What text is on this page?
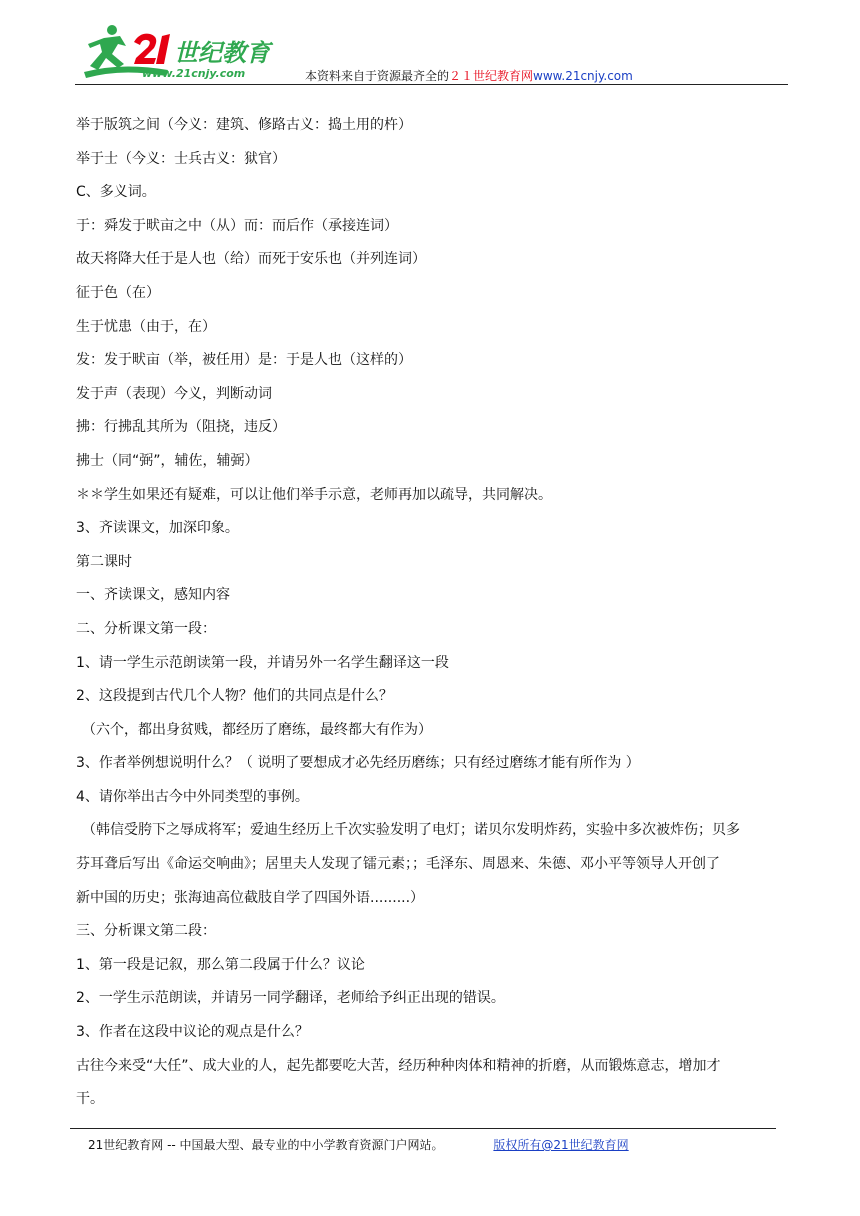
世纪教育
www.21cnjy.com	本资料来自于资源最齐全的２１世纪教育网www.21cnjy.com
举于版筑之间（今义：建筑、修路古义：捣土用的杵）
举于士（今义：士兵古义：狱官）
C、多义词。
于：舜发于畎亩之中（从）而：而后作（承接连词）
故天将降大任于是人也（给）而死于安乐也（并列连词）
征于色（在）
生于忧患（由于，在）
发：发于畎亩（举，被任用）是：于是人也（这样的）
发于声（表现）今义，判断动词
拂：行拂乱其所为（阻挠，违反）
拂士（同“弼”，辅佐，辅弼）
＊＊学生如果还有疑难，可以让他们举手示意，老师再加以疏导，共同解决。
3、齐读课文，加深印象。
第二课时
一、齐读课文，感知内容
二、分析课文第一段：
1、请一学生示范朗读第一段，并请另外一名学生翻译这一段
2、这段提到古代几个人物？他们的共同点是什么？
（六个，都出身贫贱，都经历了磨练，最终都大有作为）
3、作者举例想说明什么？（ 说明了要想成才必先经历磨练；只有经过磨练才能有所作为 ）
4、请你举出古今中外同类型的事例。
（韩信受胯下之辱成将军；爱迪生经历上千次实验发明了电灯；诺贝尔发明炸药，实验中多次被炸伤；贝多
芬耳聋后写出《命运交响曲》；居里夫人发现了镭元素；；毛泽东、周恩来、朱德、邓小平等领导人开创了
新中国的历史；张海迪高位截肢自学了四国外语.........）
三、分析课文第二段：
1、第一段是记叙，那么第二段属于什么？议论
2、一学生示范朗读，并请另一同学翻译，老师给予纠正出现的错误。
3、作者在这段中议论的观点是什么？
古往今来受“大任”、成大业的人，起先都要吃大苦，经历种种肉体和精神的折磨，从而锻炼意志，增加才
干。
21世纪教育网 -- 中国最大型、最专业的中小学教育资源门户网站。	版权所有@21世纪教育网
